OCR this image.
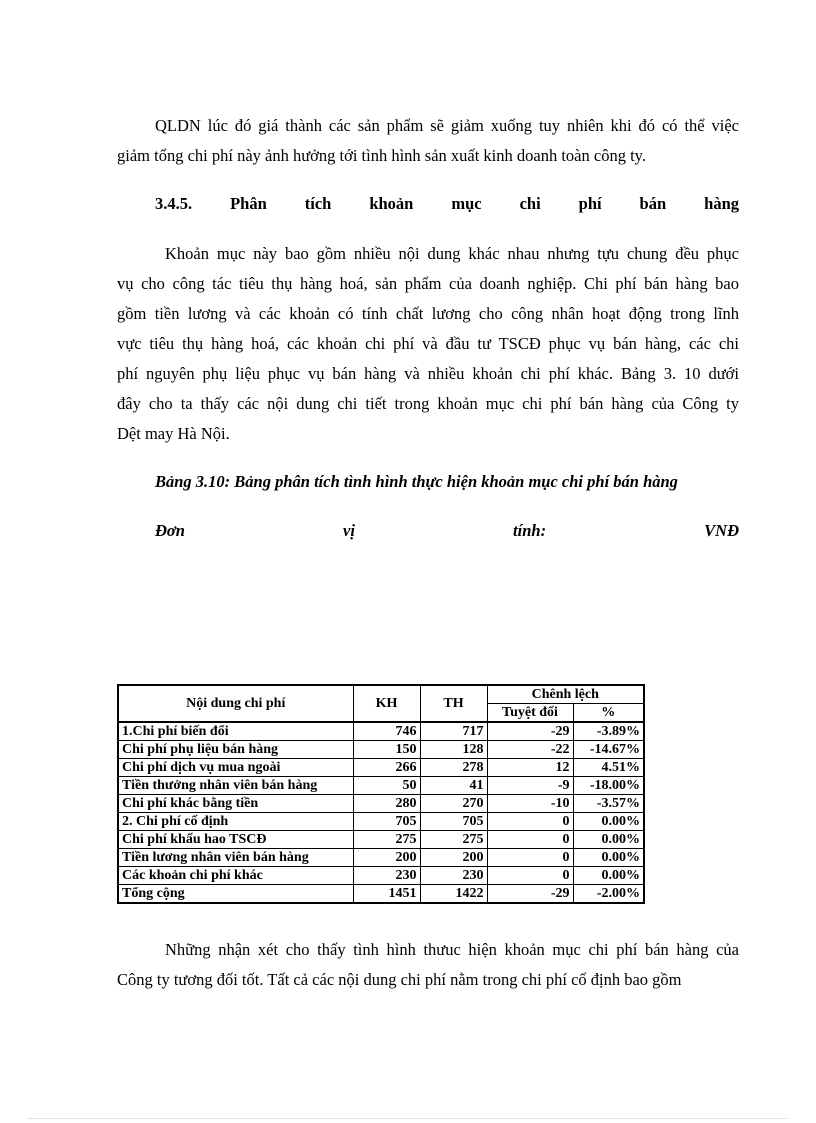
QLDN lúc đó giá thành các sản phẩm sẽ giảm xuống tuy nhiên khi đó có thể việc
giảm tổng chi phí này ảnh hưởng tới tình hình sản xuất kinh doanh toàn công ty.
3.4.5. Phân tích khoản mục chi phí bán hàng
Khoản mục này bao gồm nhiều nội dung khác nhau nhưng tựu chung đều phục
vụ cho công tác tiêu thụ hàng hoá, sản phẩm của doanh nghiệp. Chi phí bán hàng bao
gồm tiền lương và các khoản có tính chất lương cho công nhân hoạt động trong lĩnh
vực tiêu thụ hàng hoá, các khoản chi phí và đầu tư TSCĐ phục vụ bán hàng, các chi
phí nguyên phụ liệu phục vụ bán hàng và nhiều khoản chi phí khác. Bảng 3. 10 dưới
đây cho ta thấy các nội dung chi tiết trong khoản mục chi phí bán hàng của Công ty
Dệt may Hà Nội.
Bảng 3.10: Bảng phân tích tình hình thực hiện khoản mục chi phí bán hàng
Đơn vị tính: VNĐ
Nội dung chi phí	KH	TH	Chênh lệch	
			Tuyệt đối	%
1.Chi phí biến đổi	746	717	-29	-3.89%
Chi phí phụ liệu bán hàng	150	128	-22	-14.67%
Chi phí dịch vụ mua ngoài	266	278	12	4.51%
Tiền thưởng nhân viên bán hàng	50	41	-9	-18.00%
Chi phí khác bằng tiền	280	270	-10	-3.57%
2. Chi phí cố định	705	705	0	0.00%
Chi phí khấu hao TSCĐ	275	275	0	0.00%
Tiền lương nhân viên bán hàng	200	200	0	0.00%
Các khoản chi phí khác	230	230	0	0.00%
Tổng cộng	1451	1422	-29	-2.00%
Những nhận xét cho thấy tình hình thưuc hiện khoản mục chi phí bán hàng của
Công ty tương đối tốt. Tất cả các nội dung chi phí nằm trong chi phí cố định bao gồm
